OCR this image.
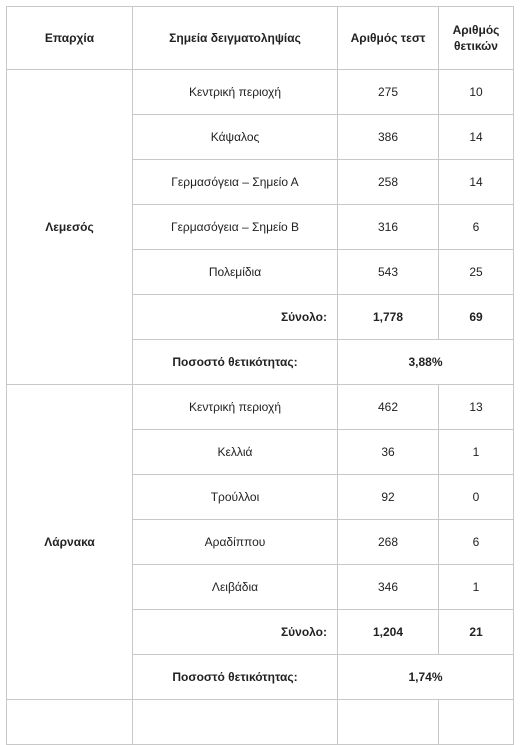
Επαρχία	Σημεία δειγματοληψίας	Αριθμός τεστ	Αριθμός θετικών
Λεμεσός	Κεντρική περιοχή	275	10
	Κάψαλος	386	14
	Γερμασόγεια – Σημείο Α	258	14
	Γερμασόγεια – Σημείο Β	316	6
	Πολεμίδια	543	25
	Σύνολο:	1,778	69
	Ποσοστό θετικότητας:	3,88%	
Λάρνακα	Κεντρική περιοχή	462	13
	Κελλιά	36	1
	Τρούλλοι	92	0
	Αραδίππου	268	6
	Λειβάδια	346	1
	Σύνολο:	1,204	21
	Ποσοστό θετικότητας:	1,74%	
